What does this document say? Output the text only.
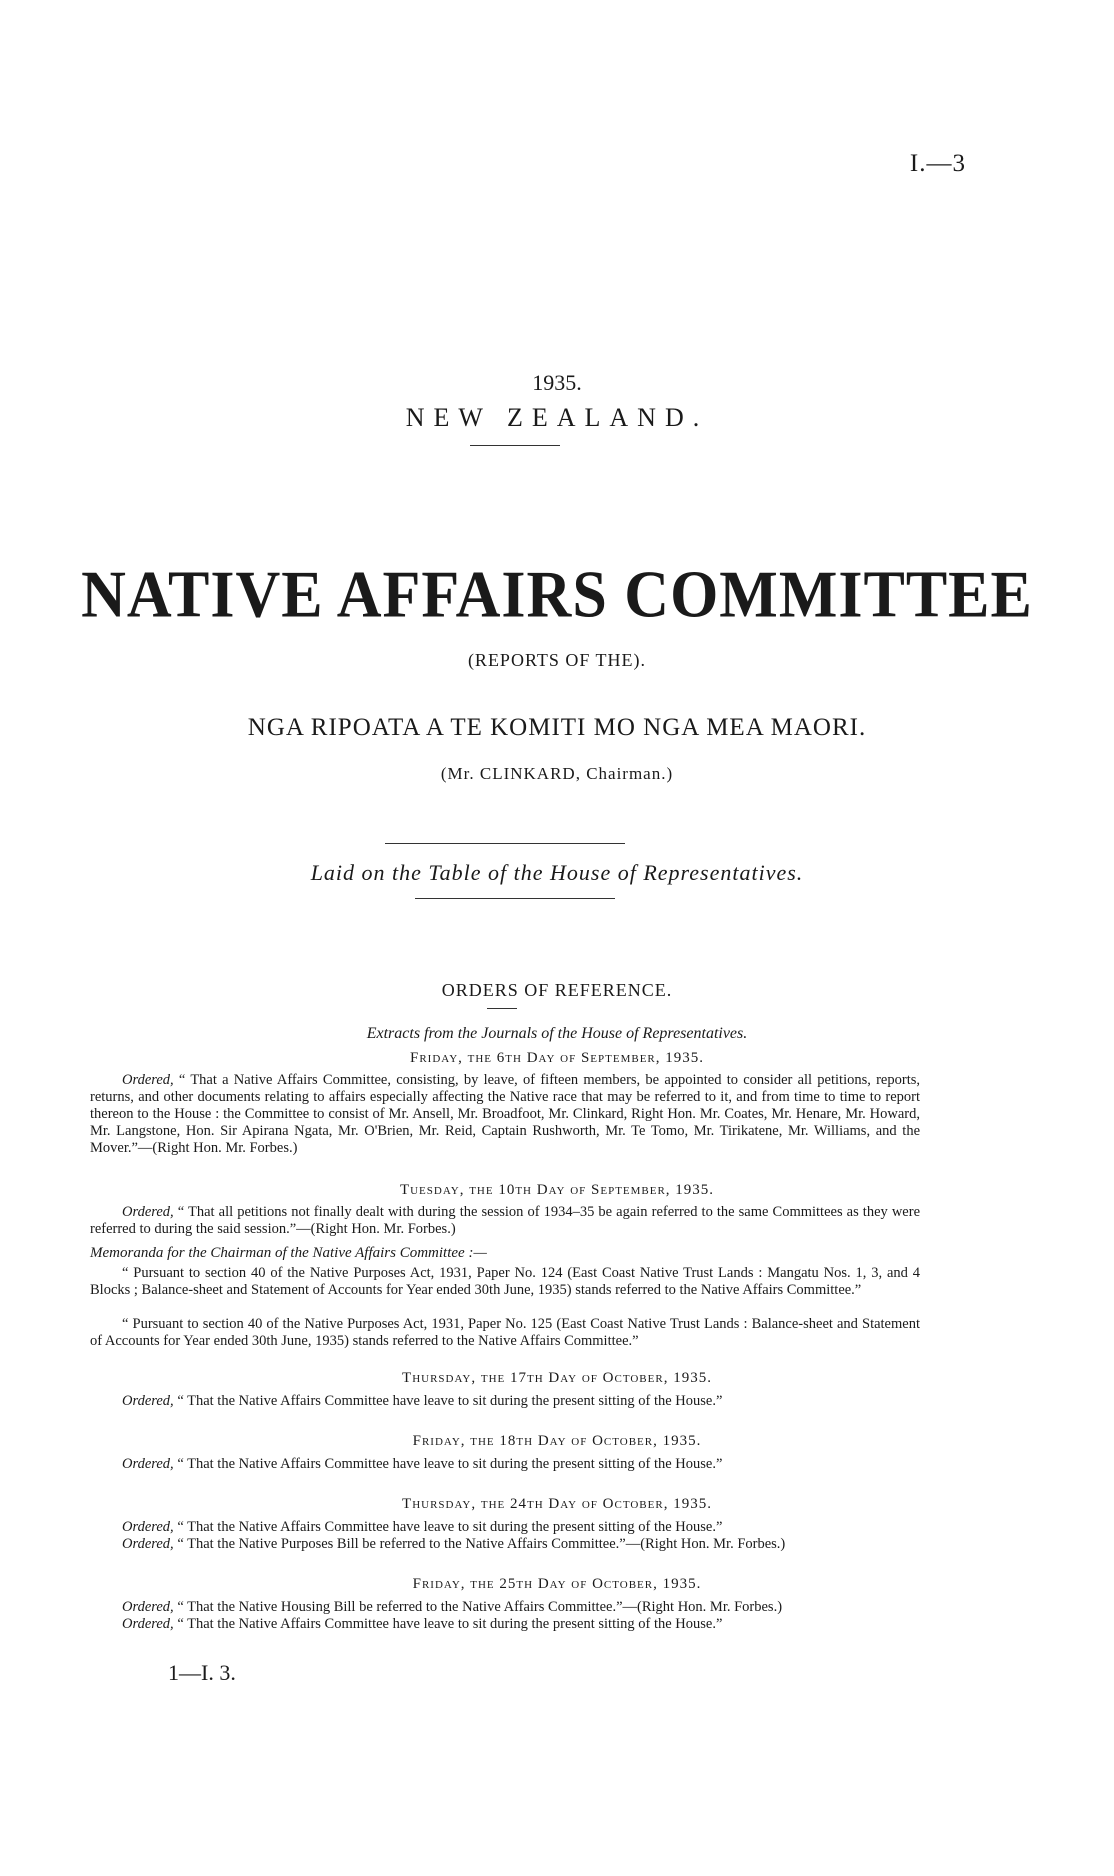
I.—3
1935.
NEW ZEALAND.
NATIVE AFFAIRS COMMITTEE
(REPORTS OF THE).
NGA RIPOATA A TE KOMITI MO NGA MEA MAORI.
(Mr. CLINKARD, Chairman.)
Laid on the Table of the House of Representatives.
ORDERS OF REFERENCE.
Extracts from the Journals of the House of Representatives.
Friday, the 6th Day of September, 1935.
Ordered, “ That a Native Affairs Committee, consisting, by leave, of fifteen members, be appointed to consider all petitions, reports, returns, and other documents relating to affairs especially affecting the Native race that may be referred to it, and from time to time to report thereon to the House : the Committee to consist of Mr. Ansell, Mr. Broadfoot, Mr. Clinkard, Right Hon. Mr. Coates, Mr. Henare, Mr. Howard, Mr. Langstone, Hon. Sir Apirana Ngata, Mr. O'Brien, Mr. Reid, Captain Rushworth, Mr. Te Tomo, Mr. Tirikatene, Mr. Williams, and the Mover.”—(Right Hon. Mr. Forbes.)
Tuesday, the 10th Day of September, 1935.
Ordered, “ That all petitions not finally dealt with during the session of 1934–35 be again referred to the same Committees as they were referred to during the said session.”—(Right Hon. Mr. Forbes.)
Memoranda for the Chairman of the Native Affairs Committee :—
“ Pursuant to section 40 of the Native Purposes Act, 1931, Paper No. 124 (East Coast Native Trust Lands : Mangatu Nos. 1, 3, and 4 Blocks ; Balance-sheet and Statement of Accounts for Year ended 30th June, 1935) stands referred to the Native Affairs Committee.”
“ Pursuant to section 40 of the Native Purposes Act, 1931, Paper No. 125 (East Coast Native Trust Lands : Balance-sheet and Statement of Accounts for Year ended 30th June, 1935) stands referred to the Native Affairs Committee.”
Thursday, the 17th Day of October, 1935.
Ordered, “ That the Native Affairs Committee have leave to sit during the present sitting of the House.”
Friday, the 18th Day of October, 1935.
Ordered, “ That the Native Affairs Committee have leave to sit during the present sitting of the House.”
Thursday, the 24th Day of October, 1935.
Ordered, “ That the Native Affairs Committee have leave to sit during the present sitting of the House.”
Ordered, “ That the Native Purposes Bill be referred to the Native Affairs Committee.”—(Right Hon. Mr. Forbes.)
Friday, the 25th Day of October, 1935.
Ordered, “ That the Native Housing Bill be referred to the Native Affairs Committee.”—(Right Hon. Mr. Forbes.)
Ordered, “ That the Native Affairs Committee have leave to sit during the present sitting of the House.”
1—I. 3.
